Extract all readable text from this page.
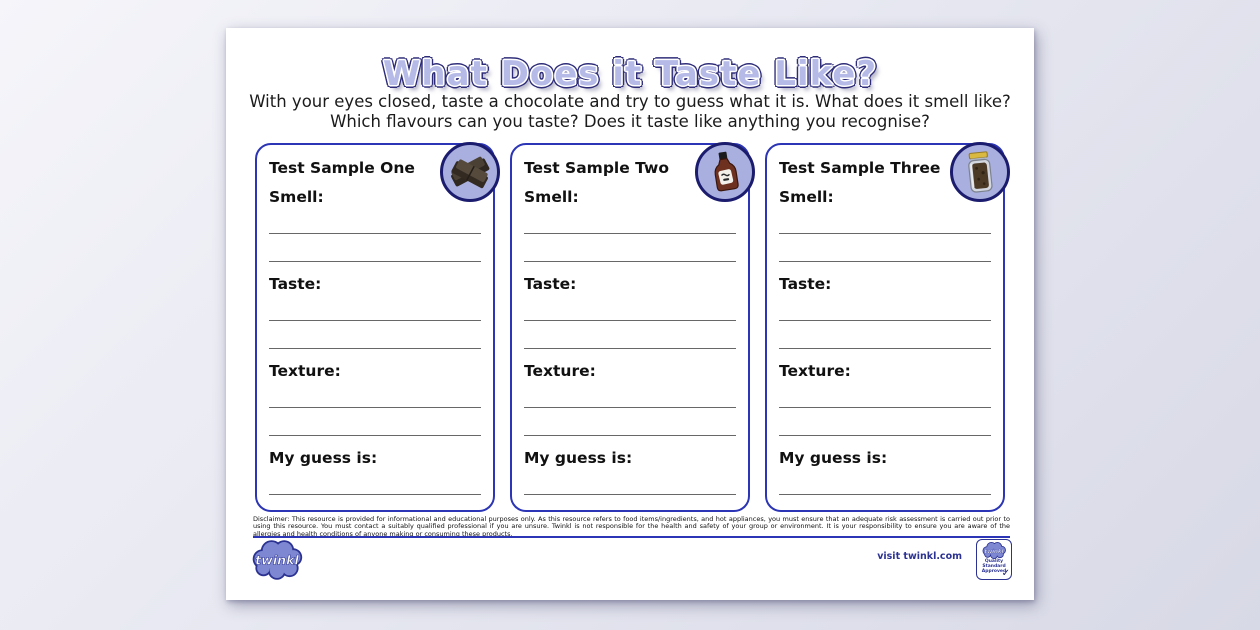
What Does it Taste Like?
With your eyes closed, taste a chocolate and try to guess what it is. What does it smell like? Which flavours can you taste? Does it taste like anything you recognise?
Test Sample One
Smell:
Taste:
Texture:
My guess is:
Test Sample Two
Smell:
Taste:
Texture:
My guess is:
Test Sample Three
Smell:
Taste:
Texture:
My guess is:
Disclaimer: This resource is provided for informational and educational purposes only. As this resource refers to food items/ingredients, and hot appliances, you must ensure that an adequate risk assessment is carried out prior to using this resource. You must contact a suitably qualified professional if you are unsure. Twinkl is not responsible for the health and safety of your group or environment. It is your responsibility to ensure you are aware of the allergies and health conditions of anyone making or consuming these products.
twinkl	visit twinkl.com twinkl
Quality Standard
Approved
✓
